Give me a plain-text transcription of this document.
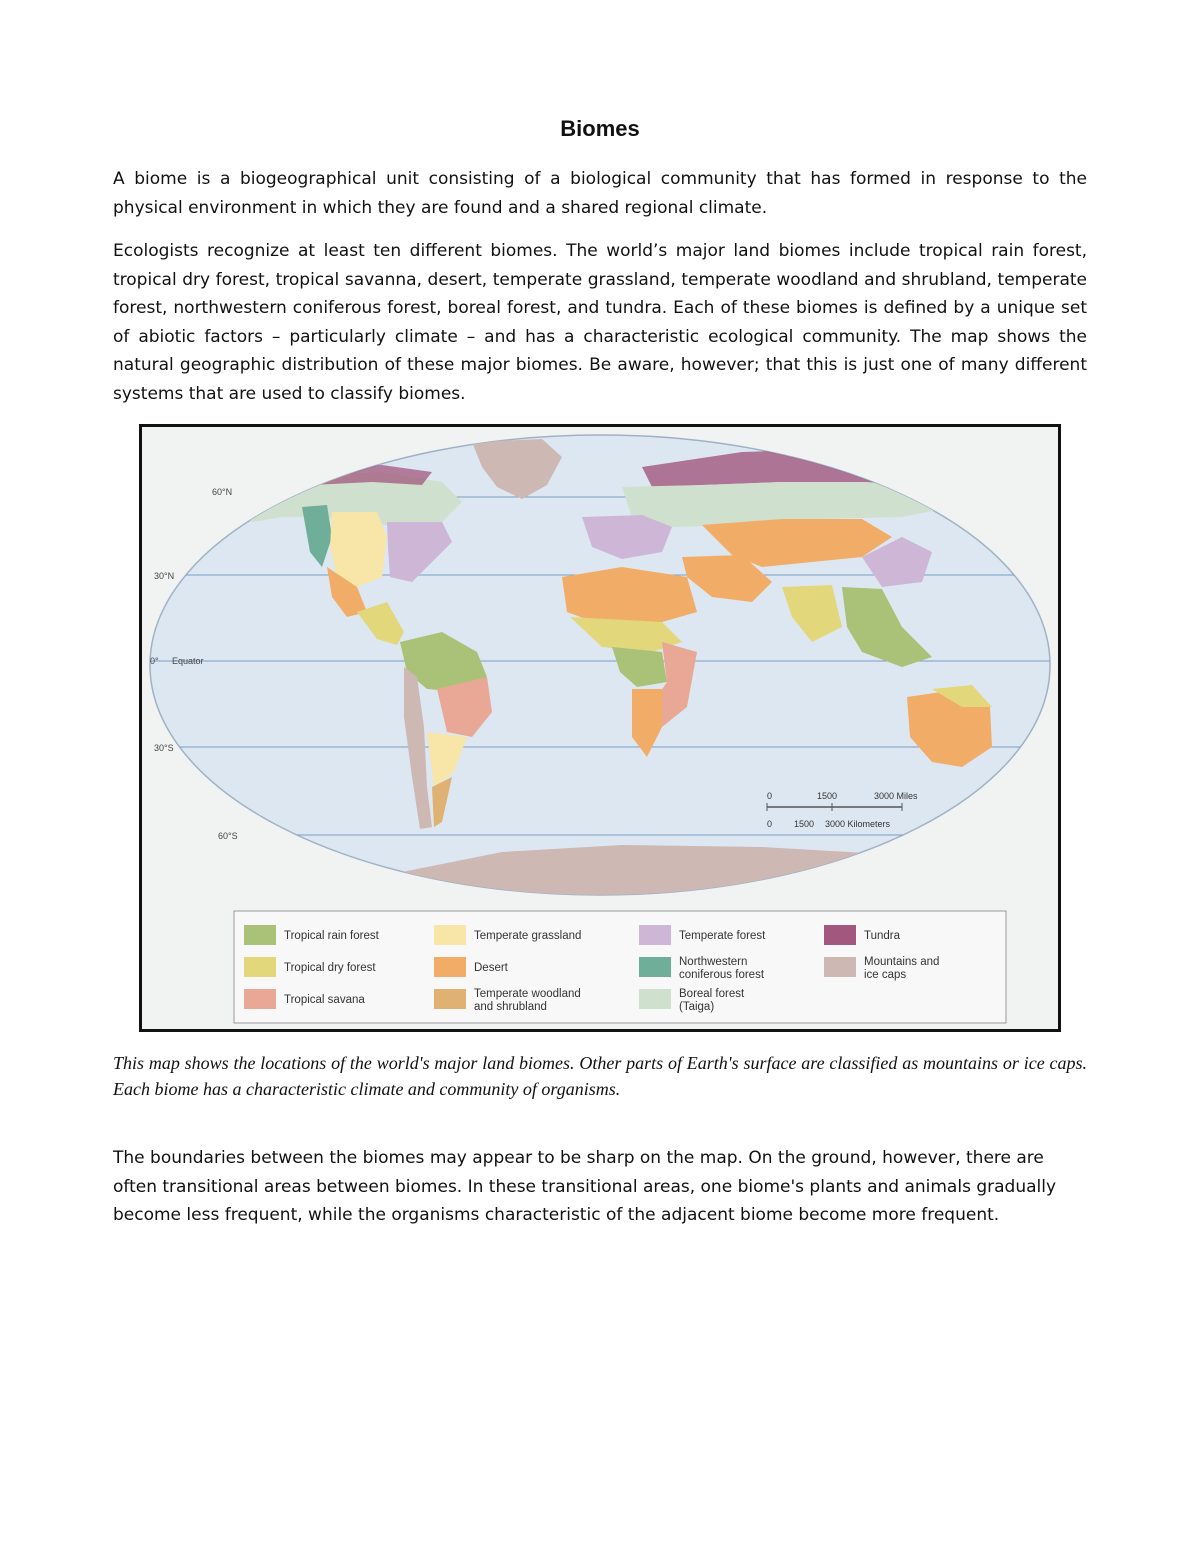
Biomes

A biome is a biogeographical unit consisting of a biological community that has formed in response to the physical environment in which they are found and a shared regional climate.

Ecologists recognize at least ten different biomes. The world’s major land biomes include tropical rain forest, tropical dry forest, tropical savanna, desert, temperate grassland, temperate woodland and shrubland, temperate forest, northwestern coniferous forest, boreal forest, and tundra. Each of these biomes is defined by a unique set of abiotic factors – particularly climate – and has a characteristic ecological community. The map shows the natural geographic distribution of these major biomes. Be aware, however; that this is just one of many different systems that are used to classify biomes.

60°N
30°N
0° Equator
30°S
60°S
0	1500	3000 Miles
0 1500 3000 Kilometers
Tropical rain forest
Tropical dry forest
Tropical savana
Temperate grassland
Desert
Temperate woodland
and shrubland
Temperate forest
Northwestern
coniferous forest
Boreal forest
(Taiga)
Tundra
Mountains and
ice caps

This map shows the locations of the world's major land biomes. Other parts of Earth's surface are classified as mountains or ice caps. Each biome has a characteristic climate and community of organisms.

The boundaries between the biomes may appear to be sharp on the map. On the ground, however, there are often transitional areas between biomes. In these transitional areas, one biome's plants and animals gradually become less frequent, while the organisms characteristic of the adjacent biome become more frequent.
